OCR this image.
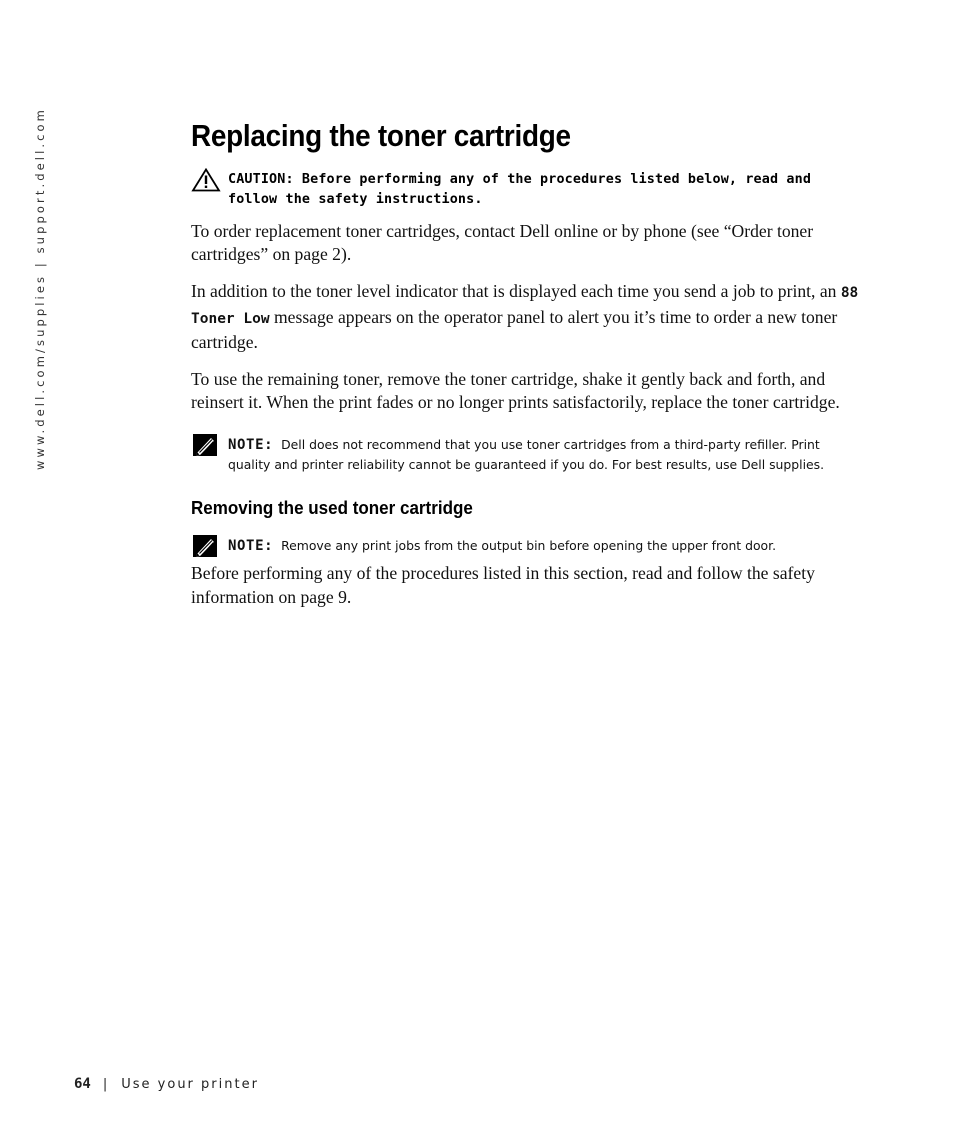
www.dell.com/supplies | support.dell.com	Replacing the toner cartridge
CAUTION: Before performing any of the procedures listed below, read and follow the safety instructions.

To order replacement toner cartridges, contact Dell online or by phone (see “Order toner cartridges” on page 2).

In addition to the toner level indicator that is displayed each time you send a job to print, an 88 Toner Low message appears on the operator panel to alert you it’s time to order a new toner cartridge.

To use the remaining toner, remove the toner cartridge, shake it gently back and forth, and reinsert it. When the print fades or no longer prints satisfactorily, replace the toner cartridge.

NOTE: Dell does not recommend that you use toner cartridges from a third-party refiller. Print quality and printer reliability cannot be guaranteed if you do. For best results, use Dell supplies.
Removing the used toner cartridge
NOTE: Remove any print jobs from the output bin before opening the upper front door.

Before performing any of the procedures listed in this section, read and follow the safety information on page 9.

64 | Use your printer
